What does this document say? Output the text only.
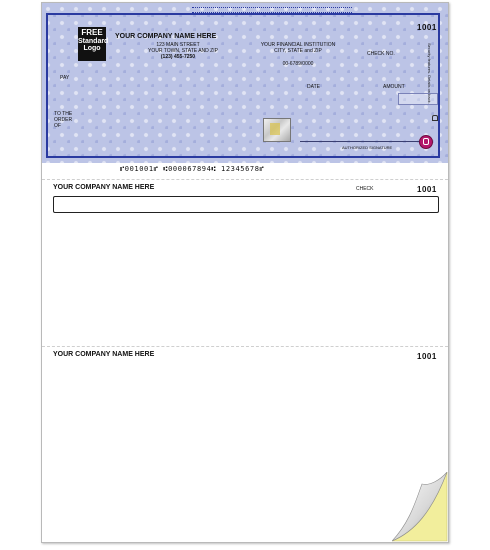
FREE
Standard
Logo
YOUR COMPANY NAME HERE
123 MAIN STREET
YOUR TOWN, STATE AND ZIP
(123) 455-7250
YOUR FINANCIAL INSTITUTION
CITY, STATE and ZIP
00-6789/0000
CHECK NO.
1001
DATE	AMOUNT
PAY
TO THE
ORDER OF
AUTHORIZED SIGNATURE
Security features. Details on back.
⑈001001⑈ ⑆000067894⑆ 12345678⑈
YOUR COMPANY NAME HERE	CHECK	1001
YOUR COMPANY NAME HERE	1001
